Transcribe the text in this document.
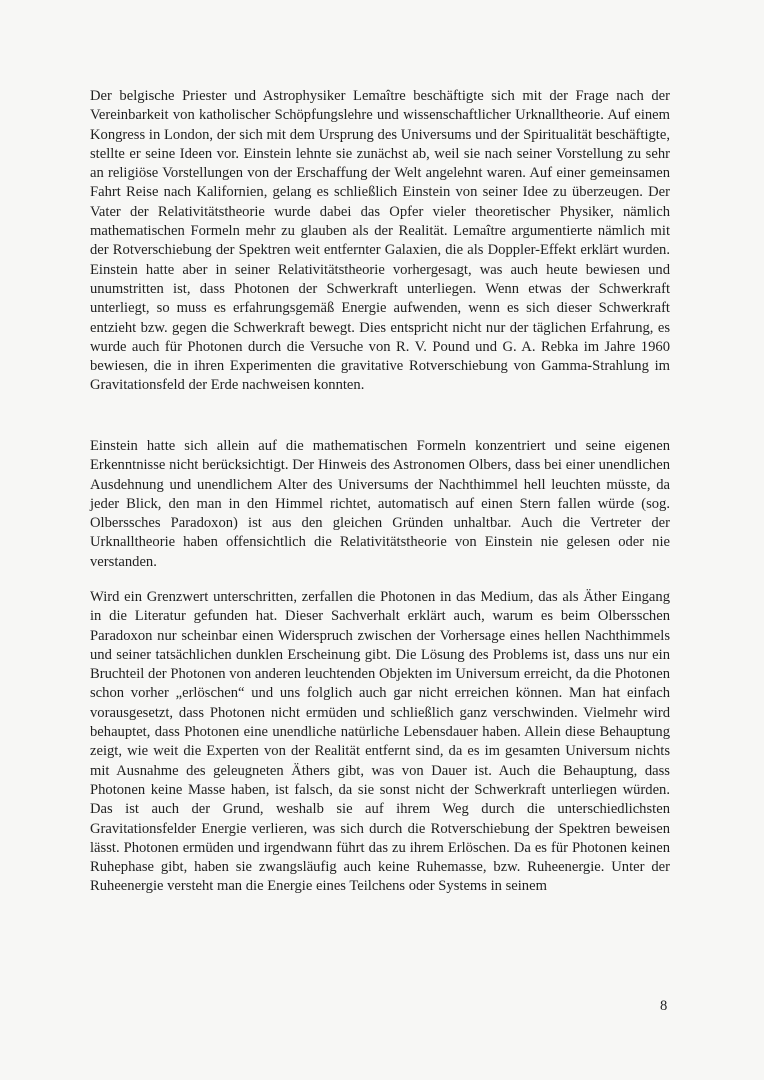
Der belgische Priester und Astrophysiker Lemaître beschäftigte sich mit der Frage nach der Vereinbarkeit von katholischer Schöpfungslehre und wissenschaftlicher Urknalltheorie. Auf einem Kongress in London, der sich mit dem Ursprung des Universums und der Spiritualität beschäftigte, stellte er seine Ideen vor. Einstein lehnte sie zunächst ab, weil sie nach seiner Vorstellung zu sehr an religiöse Vorstellungen von der Erschaffung der Welt angelehnt waren. Auf einer gemeinsamen Fahrt Reise nach Kalifornien, gelang es schließlich Einstein von seiner Idee zu überzeugen. Der Vater der Relativitätstheorie wurde dabei das Opfer vieler theoretischer Physiker, nämlich mathematischen Formeln mehr zu glauben als der Realität. Lemaître argumentierte nämlich mit der Rotverschiebung der Spektren weit entfernter Galaxien, die als Doppler-Effekt erklärt wurden. Einstein hatte aber in seiner Relativitätstheorie vorhergesagt, was auch heute bewiesen und unumstritten ist, dass Photonen der Schwerkraft unterliegen. Wenn etwas der Schwerkraft unterliegt, so muss es erfahrungsgemäß Energie aufwenden, wenn es sich dieser Schwerkraft entzieht bzw. gegen die Schwerkraft bewegt. Dies entspricht nicht nur der täglichen Erfahrung, es wurde auch für Photonen durch die Versuche von R. V. Pound und G. A. Rebka im Jahre 1960 bewiesen, die in ihren Experimenten die gravitative Rotverschiebung von Gamma-Strahlung im Gravitationsfeld der Erde nachweisen konnten.

Einstein hatte sich allein auf die mathematischen Formeln konzentriert und seine eigenen Erkenntnisse nicht berücksichtigt. Der Hinweis des Astronomen Olbers, dass bei einer unendlichen Ausdehnung und unendlichem Alter des Universums der Nachthimmel hell leuchten müsste, da jeder Blick, den man in den Himmel richtet, automatisch auf einen Stern fallen würde (sog. Olberssches Paradoxon) ist aus den gleichen Gründen unhaltbar. Auch die Vertreter der Urknalltheorie haben offensichtlich die Relativitätstheorie von Einstein nie gelesen oder nie verstanden.

Wird ein Grenzwert unterschritten, zerfallen die Photonen in das Medium, das als Äther Eingang in die Literatur gefunden hat. Dieser Sachverhalt erklärt auch, warum es beim Olbersschen Paradoxon nur scheinbar einen Widerspruch zwischen der Vorhersage eines hellen Nachthimmels und seiner tatsächlichen dunklen Erscheinung gibt. Die Lösung des Problems ist, dass uns nur ein Bruchteil der Photonen von anderen leuchtenden Objekten im Universum erreicht, da die Photonen schon vorher „erlöschen“ und uns folglich auch gar nicht erreichen können. Man hat einfach vorausgesetzt, dass Photonen nicht ermüden und schließlich ganz verschwinden. Vielmehr wird behauptet, dass Photonen eine unendliche natürliche Lebensdauer haben. Allein diese Behauptung zeigt, wie weit die Experten von der Realität entfernt sind, da es im gesamten Universum nichts mit Ausnahme des geleugneten Äthers gibt, was von Dauer ist. Auch die Behauptung, dass Photonen keine Masse haben, ist falsch, da sie sonst nicht der Schwerkraft unterliegen würden. Das ist auch der Grund, weshalb sie auf ihrem Weg durch die unterschiedlichsten Gravitationsfelder Energie verlieren, was sich durch die Rotverschiebung der Spektren beweisen lässt. Photonen ermüden und irgendwann führt das zu ihrem Erlöschen. Da es für Photonen keinen Ruhephase gibt, haben sie zwangsläufig auch keine Ruhemasse, bzw. Ruheenergie. Unter der Ruheenergie versteht man die Energie eines Teilchens oder Systems in seinem

8
